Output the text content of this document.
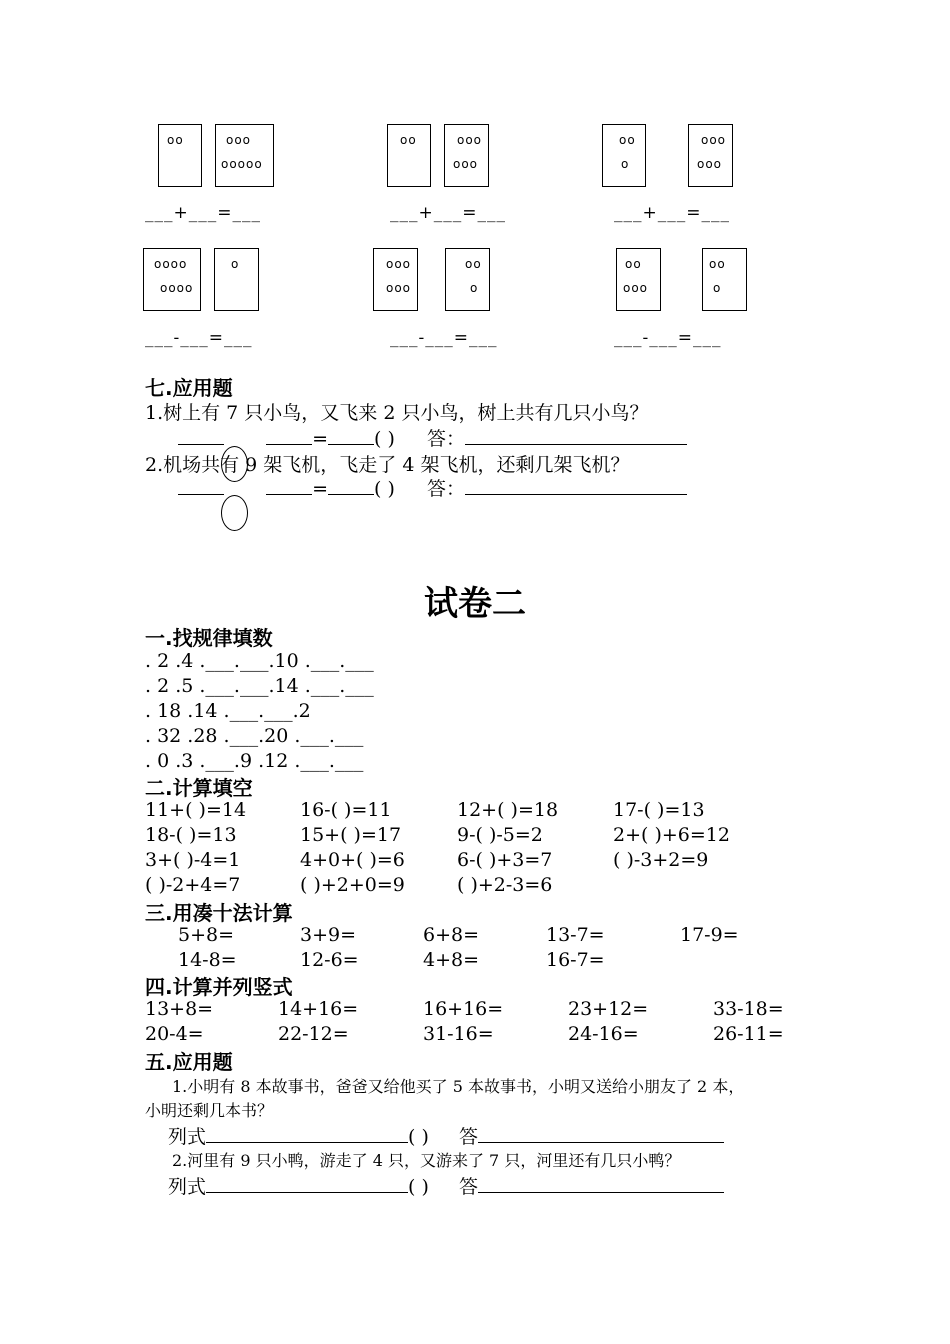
oo	ooo
ooooo
oo	ooo
ooo
oo
o
ooo
ooo
___+___=___	___+___=___	___+___=___
oooo
oooo
o	ooo
ooo
oo
o
oo
ooo
oo
o
___-___=___	___-___=___	___-___=___
七.应用题
1.树上有 7 只小鸟，又飞来 2 只小鸟，树上共有几只小鸟？
= ( ) 答：
2.机场共有 9 架飞机，飞走了 4 架飞机，还剩几架飞机？
= ( ) 答：
试卷二
一.找规律填数
. 2 .4 .___.___.10 .___.___
. 2 .5 .___.___.14 .___.___
. 18 .14 .___.___.2
. 32 .28 .___.20 .___.___
. 0 .3 .___.9 .12 .___.___
二.计算填空
11+( )=14	16-( )=11	12+( )=18	17-( )=13
18-( )=13	15+( )=17	9-( )-5=2	2+( )+6=12
3+( )-4=1	4+0+( )=6	6-( )+3=7	( )-3+2=9
( )-2+4=7	( )+2+0=9	( )+2-3=6
三.用凑十法计算
5+8=	3+9=	6+8=	13-7=	17-9=
14-8=	12-6=	4+8=	16-7=
四.计算并列竖式
13+8=	14+16=	16+16=	23+12=	33-18=
20-4=	22-12=	31-16=	24-16=	26-11=
五.应用题
1.小明有 8 本故事书，爸爸又给他买了 5 本故事书，小明又送给小朋友了 2 本，
小明还剩几本书？
列式	( ) 答
2.河里有 9 只小鸭，游走了 4 只，又游来了 7 只，河里还有几只小鸭？
列式	( ) 答
